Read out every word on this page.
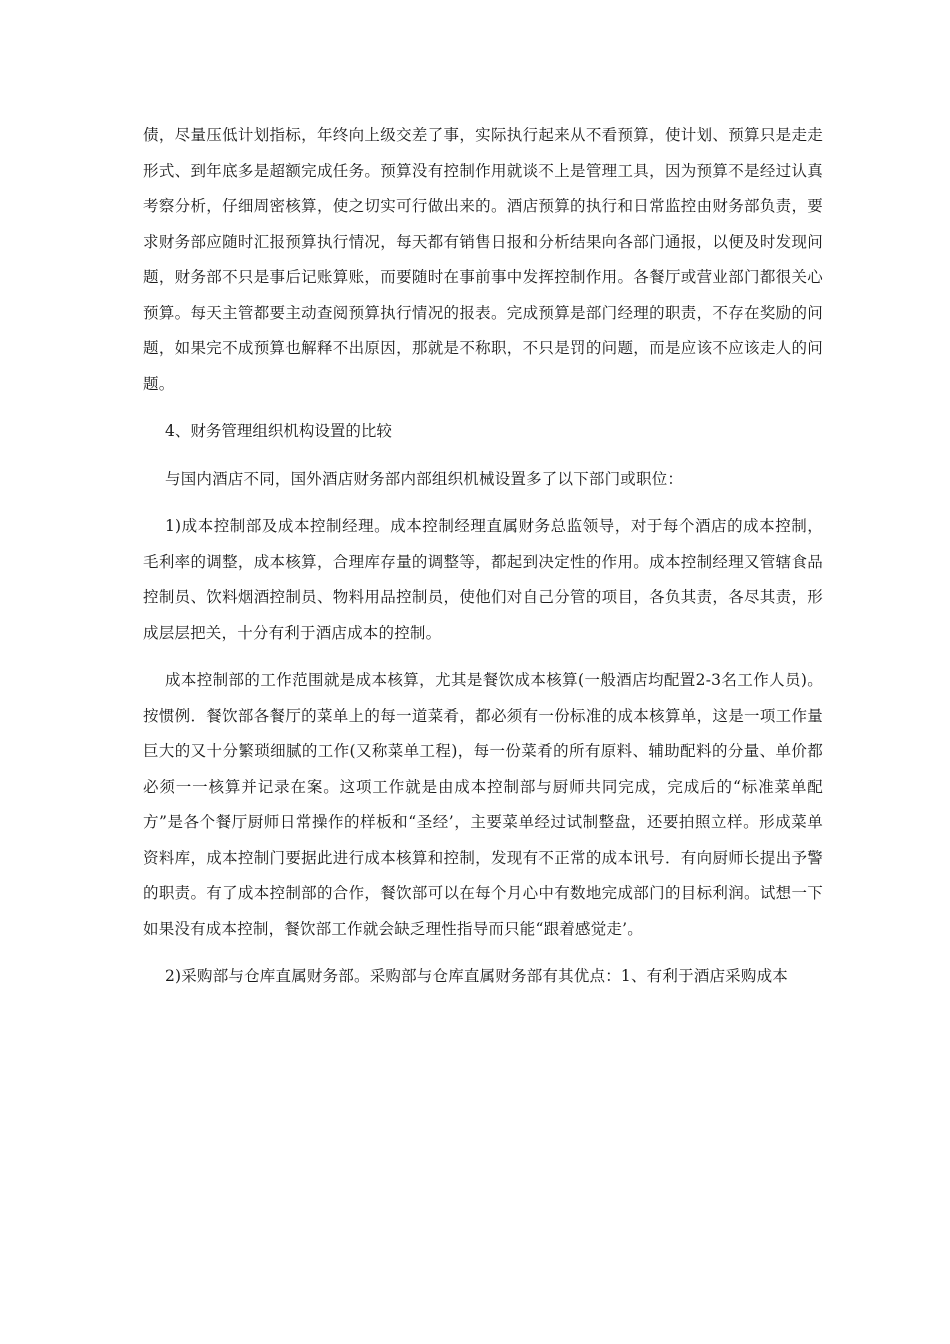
债，尽量压低计划指标，年终向上级交差了事，实际执行起来从不看预算，使计划、预算只是走走形式、到年底多是超额完成任务。预算没有控制作用就谈不上是管理工具，因为预算不是经过认真考察分析，仔细周密核算，使之切实可行做出来的。酒店预算的执行和日常监控由财务部负责，要求财务部应随时汇报预算执行情况，每天都有销售日报和分析结果向各部门通报，以便及时发现问题，财务部不只是事后记账算账，而要随时在事前事中发挥控制作用。各餐厅或营业部门都很关心预算。每天主管都要主动查阅预算执行情况的报表。完成预算是部门经理的职责，不存在奖励的问题，如果完不成预算也解释不出原因，那就是不称职，不只是罚的问题，而是应该不应该走人的问题。

4、财务管理组织机构设置的比较

与国内酒店不同，国外酒店财务部内部组织机械设置多了以下部门或职位：

1)成本控制部及成本控制经理。成本控制经理直属财务总监领导，对于每个酒店的成本控制，毛利率的调整，成本核算，合理库存量的调整等，都起到决定性的作用。成本控制经理又管辖食品控制员、饮料烟酒控制员、物料用品控制员，使他们对自己分管的项目，各负其责，各尽其责，形成层层把关，十分有利于酒店成本的控制。

成本控制部的工作范围就是成本核算，尤其是餐饮成本核算(一般酒店均配置2-3名工作人员)。按惯例．餐饮部各餐厅的菜单上的每一道菜肴，都必须有一份标准的成本核算单，这是一项工作量巨大的又十分繁琐细腻的工作(又称菜单工程)，每一份菜肴的所有原料、辅助配料的分量、单价都必须一一核算并记录在案。这项工作就是由成本控制部与厨师共同完成，完成后的“标准菜单配方”是各个餐厅厨师日常操作的样板和“圣经’，主要菜单经过试制整盘，还要拍照立样。形成菜单资料库，成本控制门要据此进行成本核算和控制，发现有不正常的成本讯号．有向厨师长提出予警的职责。有了成本控制部的合作，餐饮部可以在每个月心中有数地完成部门的目标利润。试想一下如果没有成本控制，餐饮部工作就会缺乏理性指导而只能“跟着感觉走’。

2)采购部与仓库直属财务部。采购部与仓库直属财务部有其优点：1、有利于酒店采购成本
